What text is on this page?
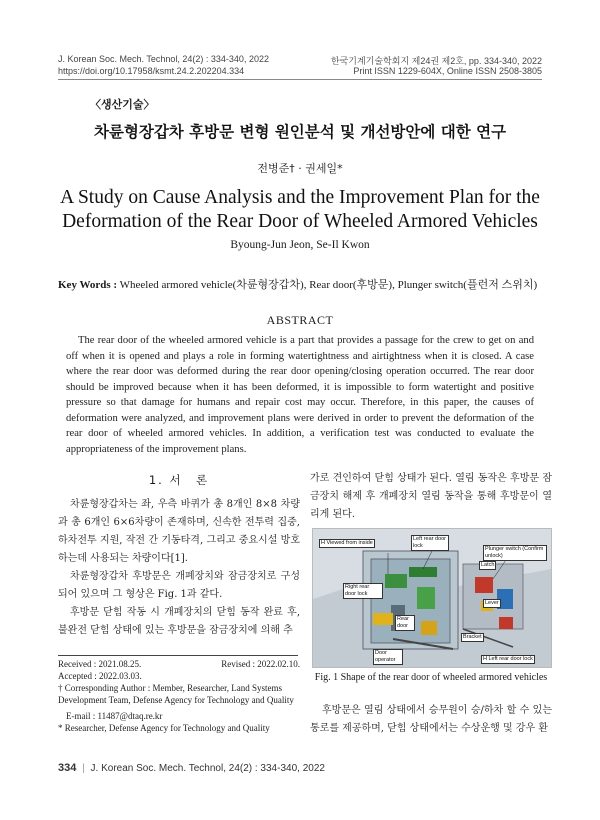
J. Korean Soc. Mech. Technol, 24(2) : 334-340, 2022
https://doi.org/10.17958/ksmt.24.2.202204.334
한국기계기술학회지 제24권 제2호, pp. 334-340, 2022
Print ISSN 1229-604X, Online ISSN 2508-3805
〈생산기술〉
차륜형장갑차 후방문 변형 원인분석 및 개선방안에 대한 연구
전병준† · 권세일*
A Study on Cause Analysis and the Improvement Plan for the Deformation of the Rear Door of Wheeled Armored Vehicles
Byoung-Jun Jeon, Se-Il Kwon
Key Words : Wheeled armored vehicle(차륜형장갑차), Rear door(후방문), Plunger switch(플런저 스위치)
ABSTRACT
The rear door of the wheeled armored vehicle is a part that provides a passage for the crew to get on and off when it is opened and plays a role in forming watertightness and airtightness when it is closed. A case where the rear door was deformed during the rear door opening/closing operation occurred. The rear door should be improved because when it has been deformed, it is impossible to form watertight and positive pressure so that damage for humans and repair cost may occur. Therefore, in this paper, the causes of deformation were analyzed, and improvement plans were derived in order to prevent the deformation of the rear door of wheeled armored vehicles. In addition, a verification test was conducted to evaluate the appropriateness of the improvement plans.
1. 서　론

차륜형장갑차는 좌, 우측 바퀴가 총 8개인 8×8 차량과 총 6개인 6×6차량이 존재하며, 신속한 전투력 집중, 하차전투 지원, 작전 간 기동타격, 그리고 중요시설 방호 하는데 사용되는 차량이다[1].

차륜형장갑차 후방문은 개폐장치와 잠금장치로 구성되어 있으며 그 형상은 Fig. 1과 같다.

후방문 닫힘 작동 시 개폐장치의 닫힘 동작 완료 후, 불완전 닫힘 상태에 있는 후방문을 잠금장치에 의해 추

Received : 2021.08.25.	Revised : 2022.02.10.
Accepted : 2022.03.03.
† Corresponding Author : Member, Researcher, Land Systems Development Team, Defense Agency for Technology and Quality
E-mail : 11487@dtaq.re.kr
* Researcher, Defense Agency for Technology and Quality

가로 견인하여 닫힘 상태가 된다. 열림 동작은 후방문 잠금장치 해제 후 개폐장치 열림 동작을 통해 후방문이 열리게 된다.

H Viewed from inside
Left rear door lock	Plunger switch (Confirm unlock)
Latch
Right rear door lock
Lever
Rear door
Bracket
Door operator	H Left rear door lock
Fig. 1 Shape of the rear door of wheeled armored vehicles

후방문은 열림 상태에서 승무원이 승/하차 할 수 있는 통로를 제공하며, 닫힘 상태에서는 수상운행 및 강우 환

334 | J. Korean Soc. Mech. Technol, 24(2) : 334-340, 2022
